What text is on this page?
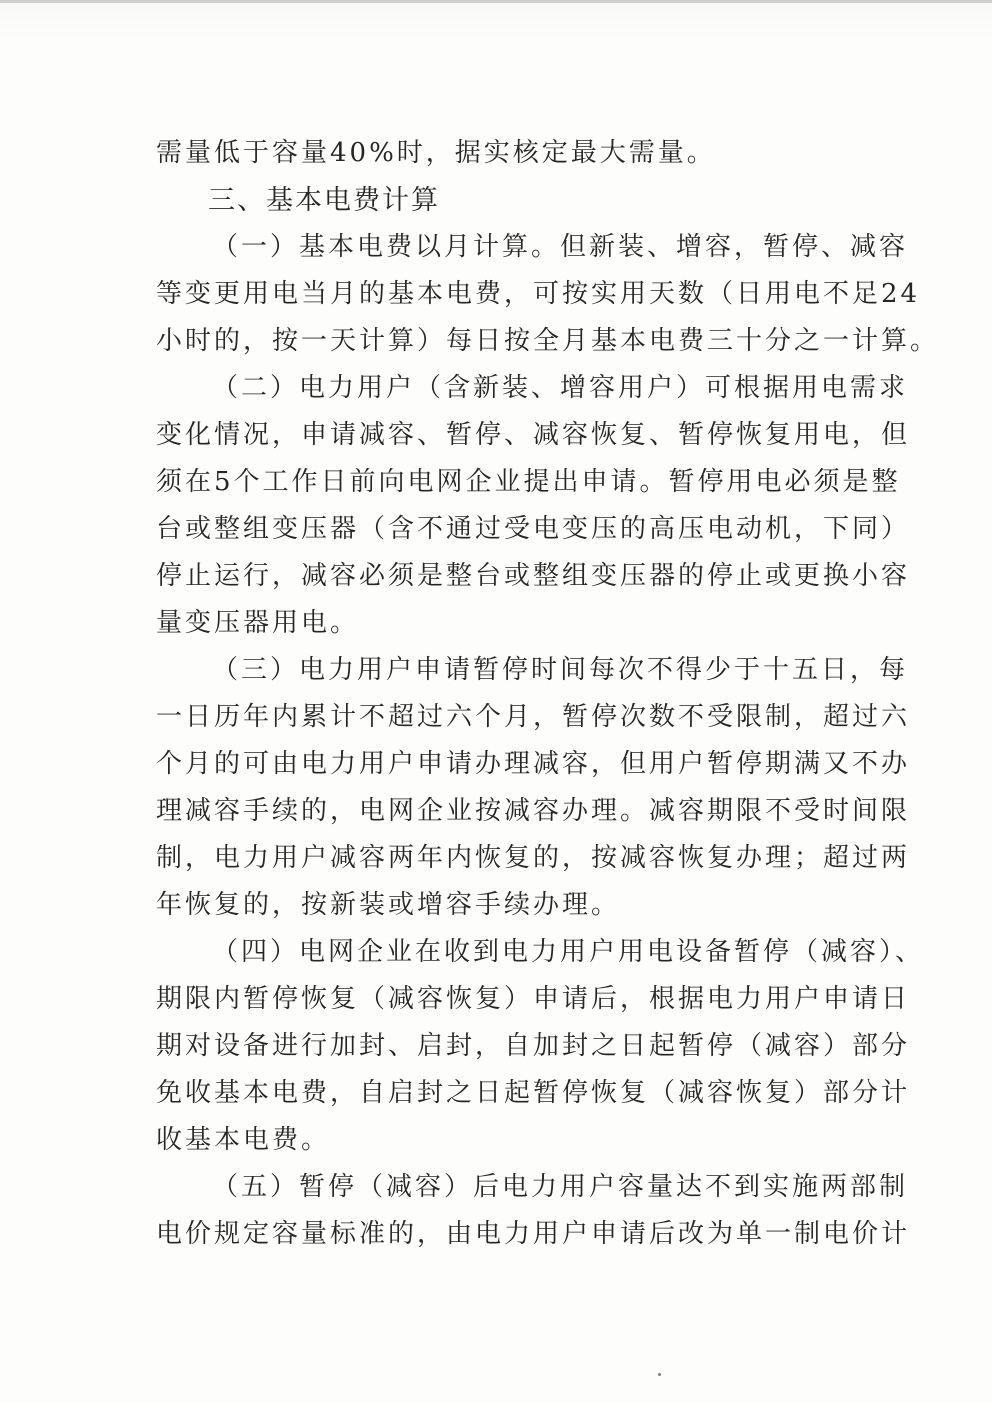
需量低于容量40%时，据实核定最大需量。
三、基本电费计算
（一）基本电费以月计算。但新装、增容，暂停、减容
等变更用电当月的基本电费，可按实用天数（日用电不足24
小时的，按一天计算）每日按全月基本电费三十分之一计算。
（二）电力用户（含新装、增容用户）可根据用电需求
变化情况，申请减容、暂停、减容恢复、暂停恢复用电，但
须在5个工作日前向电网企业提出申请。暂停用电必须是整
台或整组变压器（含不通过受电变压的高压电动机，下同）
停止运行，减容必须是整台或整组变压器的停止或更换小容
量变压器用电。
（三）电力用户申请暂停时间每次不得少于十五日，每
一日历年内累计不超过六个月，暂停次数不受限制，超过六
个月的可由电力用户申请办理减容，但用户暂停期满又不办
理减容手续的，电网企业按减容办理。减容期限不受时间限
制，电力用户减容两年内恢复的，按减容恢复办理；超过两
年恢复的，按新装或增容手续办理。
（四）电网企业在收到电力用户用电设备暂停（减容）、
期限内暂停恢复（减容恢复）申请后，根据电力用户申请日
期对设备进行加封、启封，自加封之日起暂停（减容）部分
免收基本电费，自启封之日起暂停恢复（减容恢复）部分计
收基本电费。
（五）暂停（减容）后电力用户容量达不到实施两部制
电价规定容量标准的，由电力用户申请后改为单一制电价计
